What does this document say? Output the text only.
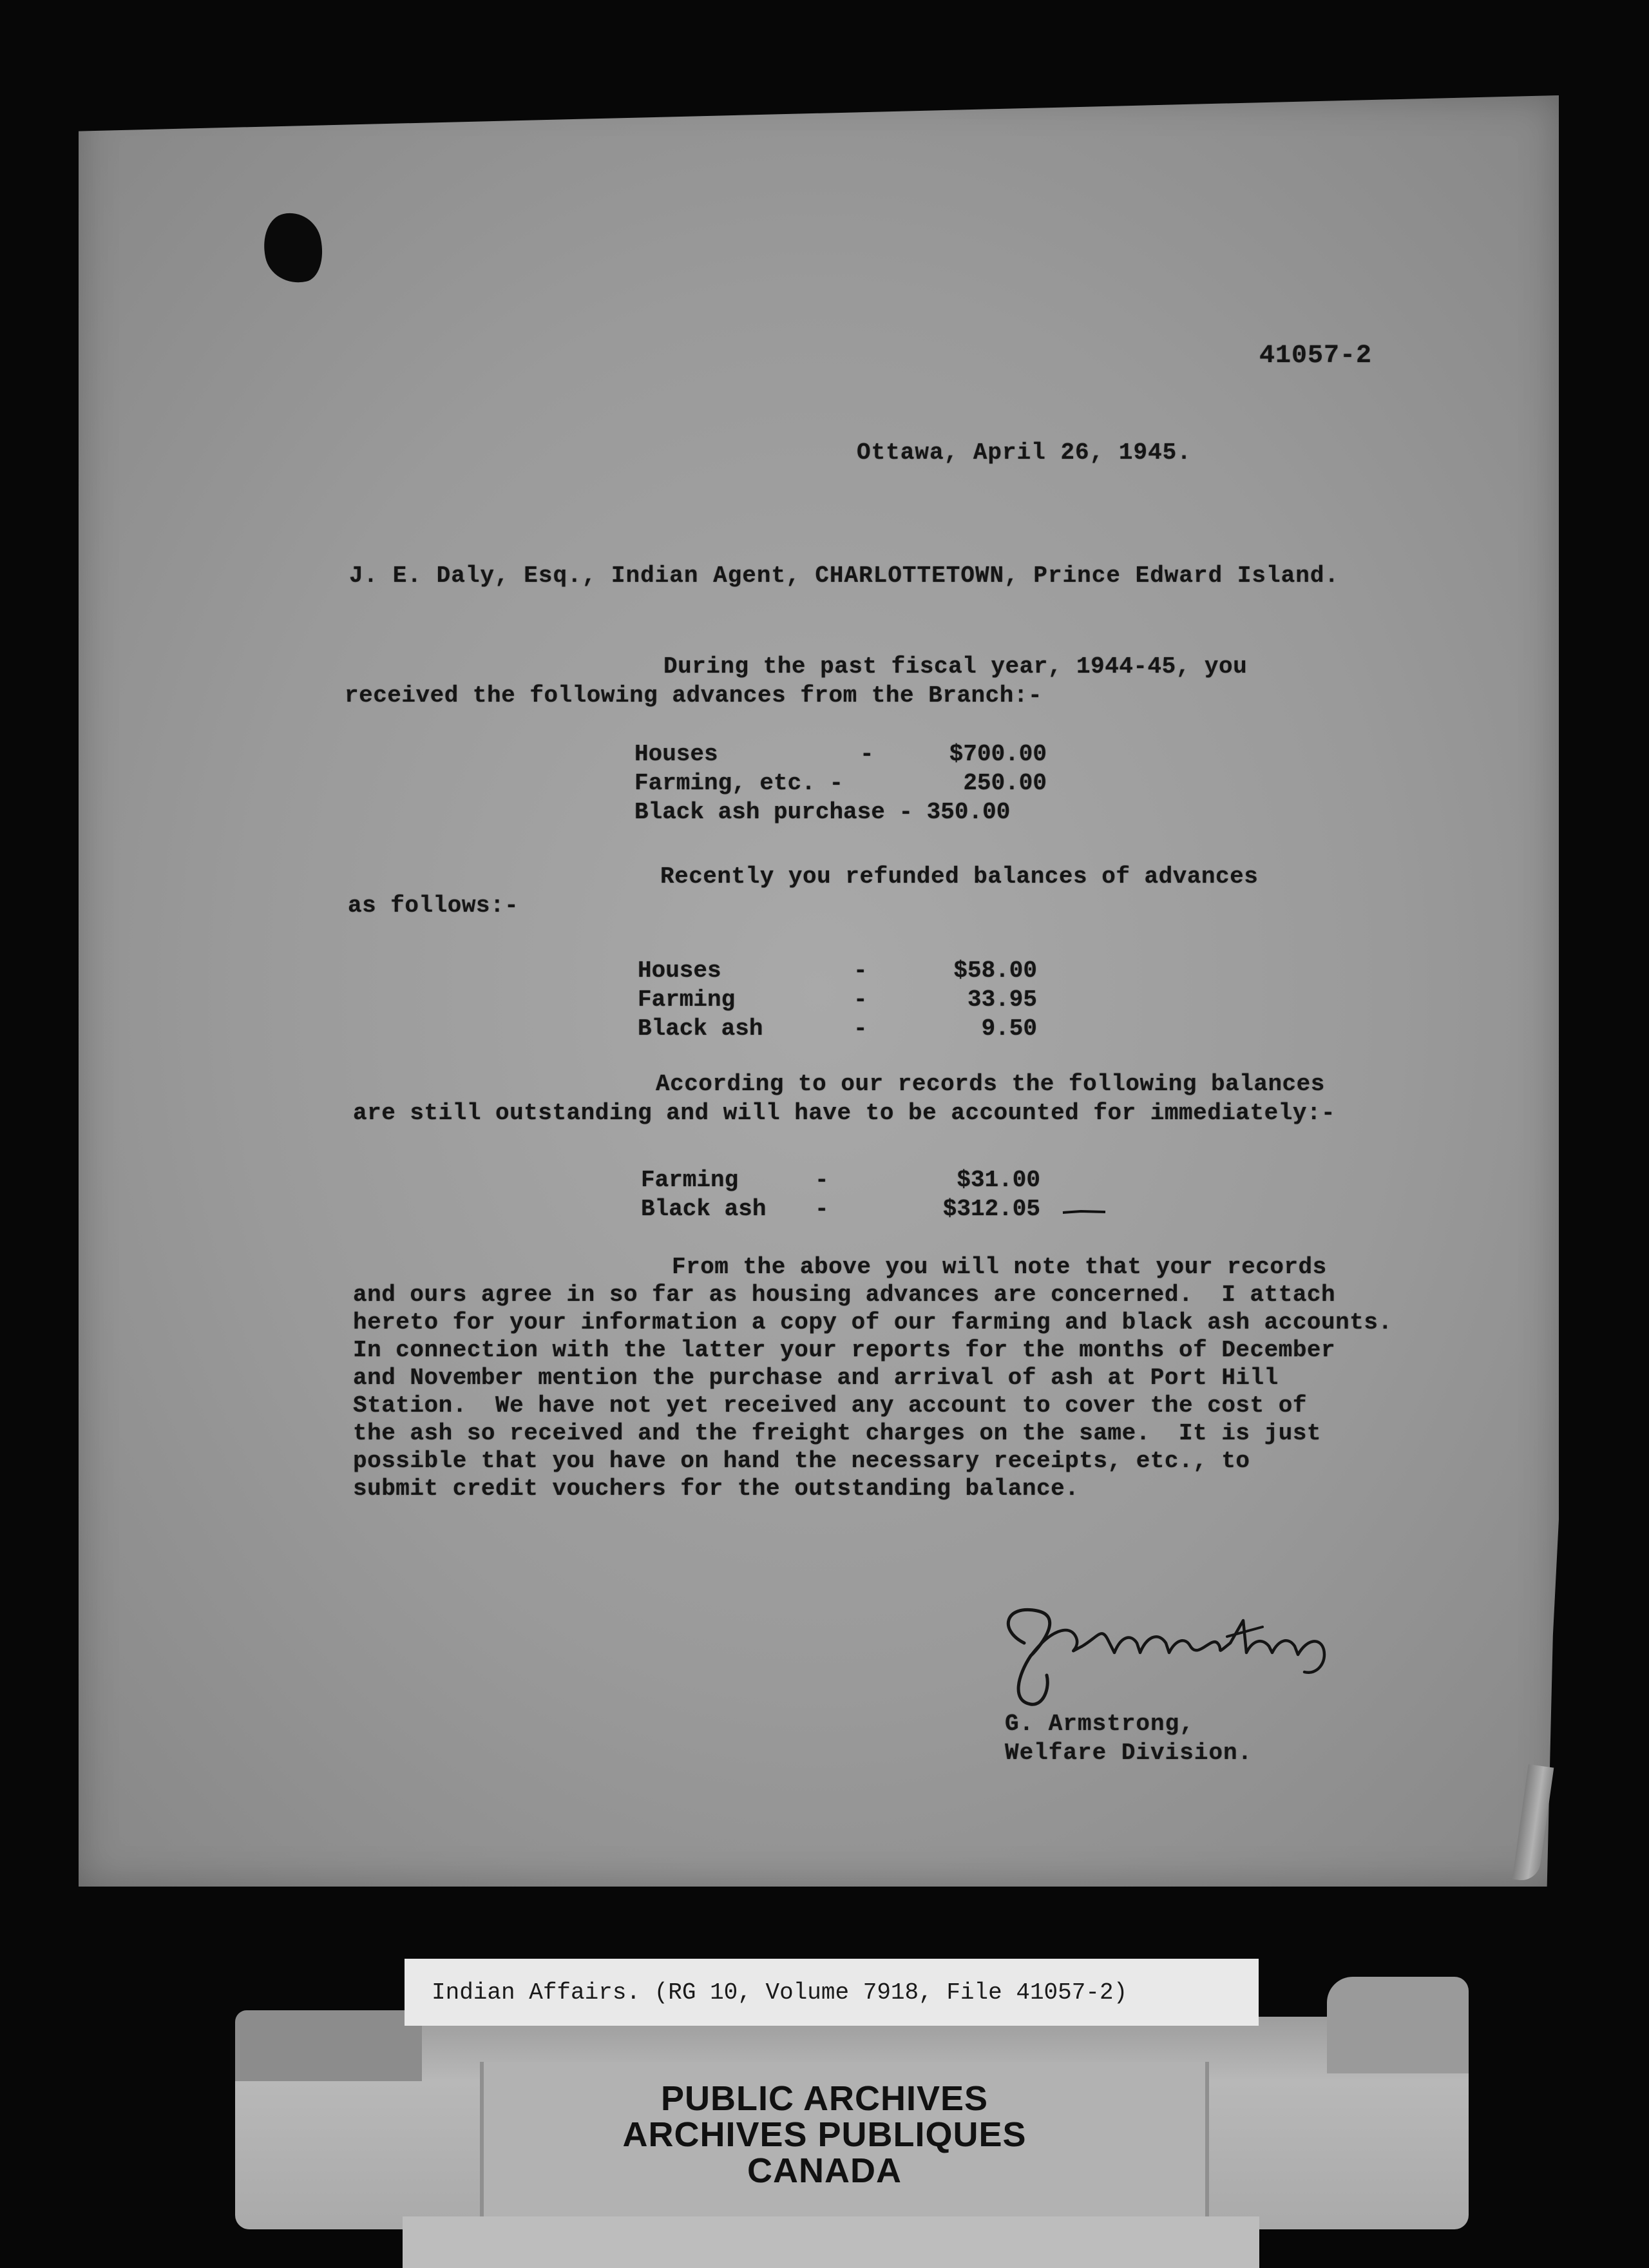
41057-2
Ottawa, April 26, 1945.
J. E. Daly, Esq., Indian Agent, CHARLOTTETOWN, Prince Edward Island.
During the past fiscal year, 1944-45, you
received the following advances from the Branch:-
Houses	-	$700.00
Farming, etc. -	250.00
Black ash purchase - 350.00
Recently you refunded balances of advances
as follows:-
Houses	-	$58.00
Farming	-	33.95
Black ash	-	9.50
According to our records the following balances
are still outstanding and will have to be accounted for immediately:-
Farming	-	$31.00
Black ash -	$312.05
From the above you will note that your records
and ours agree in so far as housing advances are concerned.  I attach
hereto for your information a copy of our farming and black ash accounts.
In connection with the latter your reports for the months of December
and November mention the purchase and arrival of ash at Port Hill
Station.  We have not yet received any account to cover the cost of
the ash so received and the freight charges on the same.  It is just
possible that you have on hand the necessary receipts, etc., to
submit credit vouchers for the outstanding balance.
G. Armstrong,
Welfare Division.
Indian Affairs. (RG 10, Volume 7918, File 41057-2)
PUBLIC ARCHIVES
ARCHIVES PUBLIQUES
CANADA
